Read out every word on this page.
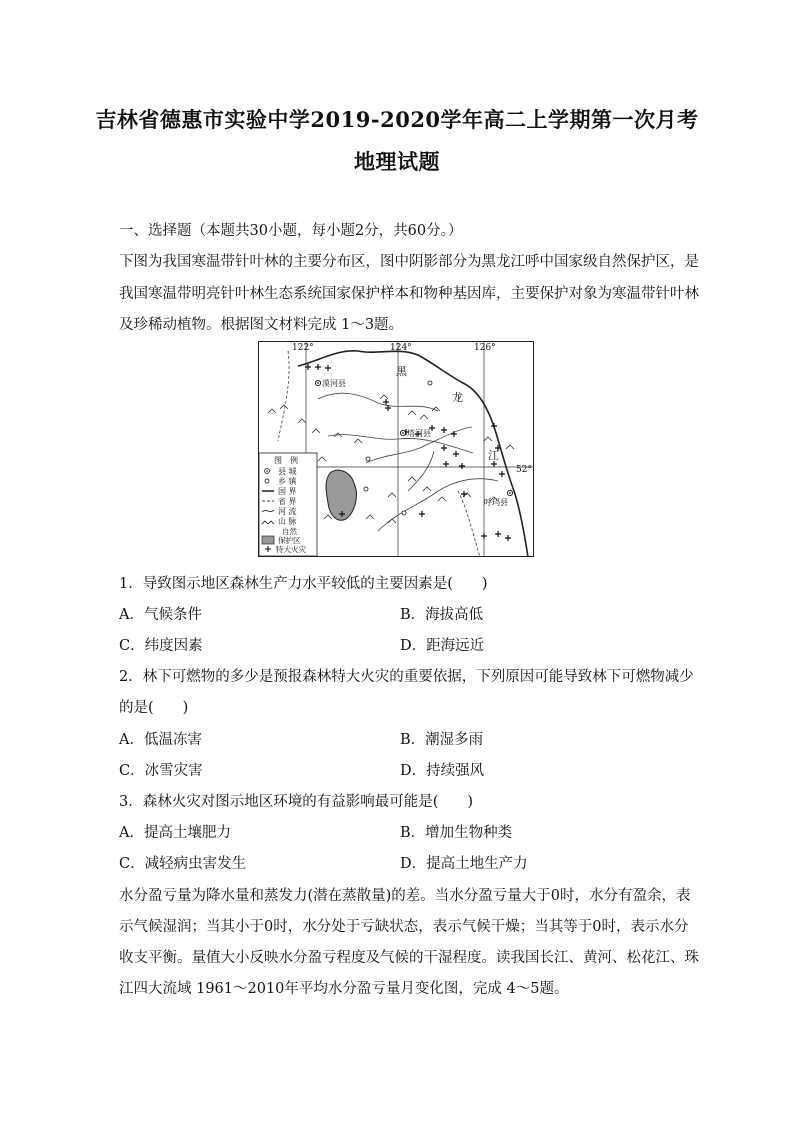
吉林省德惠市实验中学2019-2020学年高二上学期第一次月考
地理试题
一、选择题（本题共30小题，每小题2分，共60分。）
下图为我国寒温带针叶林的主要分布区，图中阴影部分为黑龙江呼中国家级自然保护区，是
我国寒温带明亮针叶林生态系统国家保护样本和物种基因库，主要保护对象为寒温带针叶林
及珍稀动植物。根据图文材料完成 1～3题。
122°	124°	126°
52°
漠河县
塔河县
呼玛县
黑
龙
江
图　例
县 城
乡 镇
国 界
省 界
河 流
山 脉
自然
保护区
特大火灾
1．导致图示地区森林生产力水平较低的主要因素是(　　)
A．气候条件	B．海拔高低
C．纬度因素	D．距海远近
2．林下可燃物的多少是预报森林特大火灾的重要依据，下列原因可能导致林下可燃物减少
的是(　　)
A．低温冻害	B．潮湿多雨
C．冰雪灾害	D．持续强风
3．森林火灾对图示地区环境的有益影响最可能是(　　)
A．提高土壤肥力	B．增加生物种类
C．减轻病虫害发生	D．提高土地生产力
水分盈亏量为降水量和蒸发力(潜在蒸散量)的差。当水分盈亏量大于0时，水分有盈余，表
示气候湿润；当其小于0时，水分处于亏缺状态，表示气候干燥；当其等于0时，表示水分
收支平衡。量值大小反映水分盈亏程度及气候的干湿程度。读我国长江、黄河、松花江、珠
江四大流域 1961～2010年平均水分盈亏量月变化图，完成 4～5题。
